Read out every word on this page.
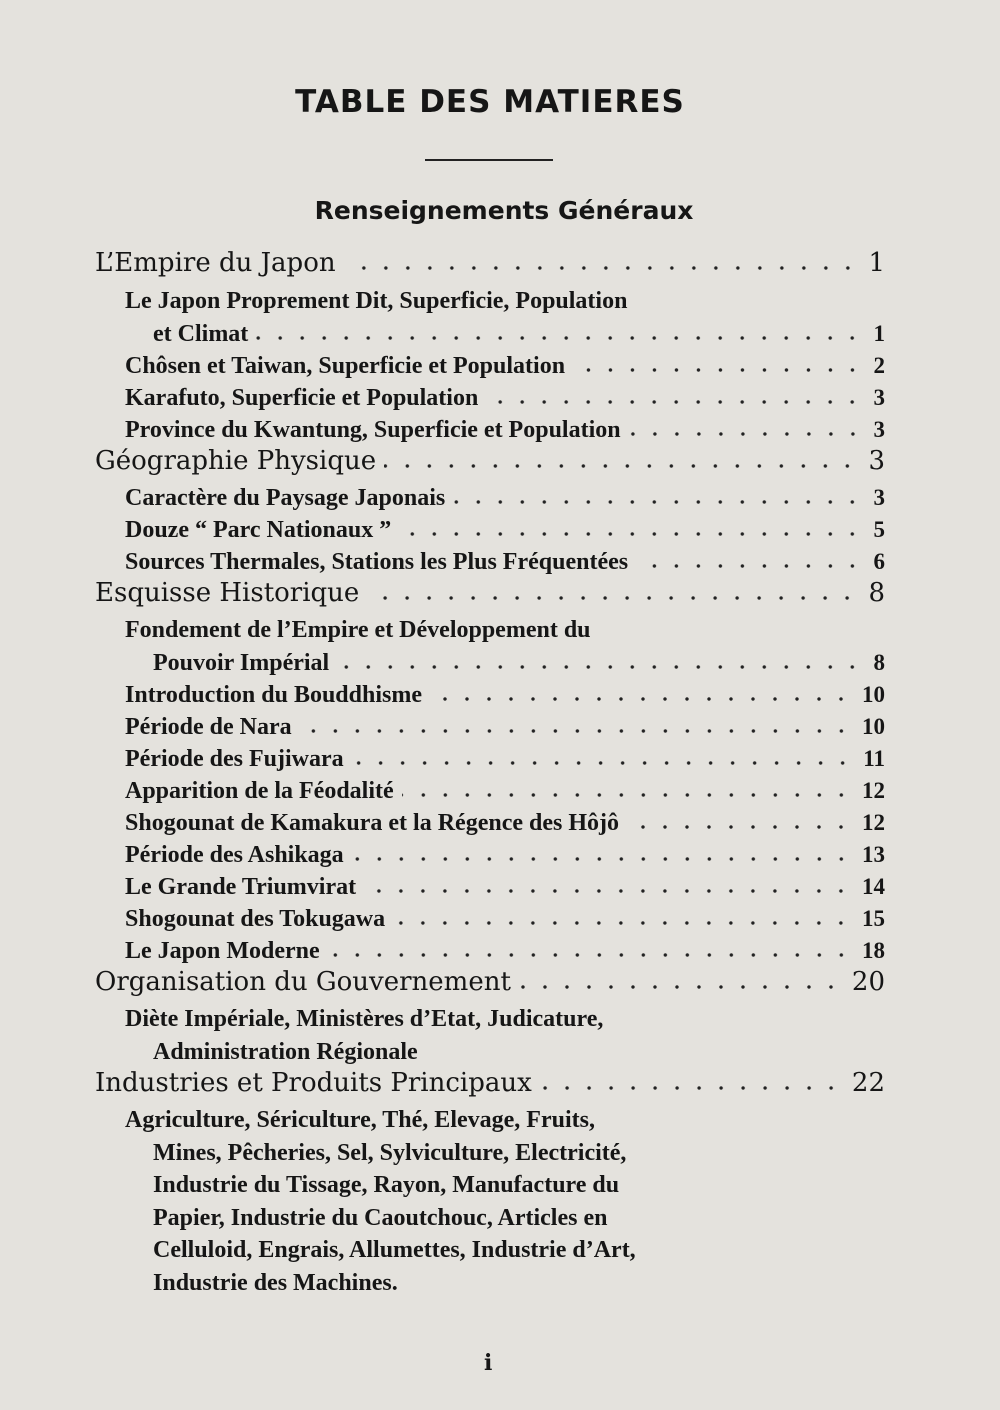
TABLE DES MATIERES
Renseignements Généraux
L’Empire du Japon	1
Le Japon Proprement Dit, Superficie, Population
et Climat	1
Chôsen et Taiwan, Superficie et Population	2
Karafuto, Superficie et Population	3
Province du Kwantung, Superficie et Population	3
Géographie Physique	3
Caractère du Paysage Japonais	3
Douze “ Parc Nationaux ”	5
Sources Thermales, Stations les Plus Fréquentées	6
Esquisse Historique	8
Fondement de l’Empire et Développement du
Pouvoir Impérial	8
Introduction du Bouddhisme	10
Période de Nara	10
Période des Fujiwara	11
Apparition de la Féodalité	12
Shogounat de Kamakura et la Régence des Hôjô	12
Période des Ashikaga	13
Le Grande Triumvirat	14
Shogounat des Tokugawa	15
Le Japon Moderne	18
Organisation du Gouvernement	20
Diète Impériale, Ministères d’Etat, Judicature,
Administration Régionale
Industries et Produits Principaux	22
Agriculture, Sériculture, Thé, Elevage, Fruits,
Mines, Pêcheries, Sel, Sylviculture, Electricité,
Industrie du Tissage, Rayon, Manufacture du
Papier, Industrie du Caoutchouc, Articles en
Celluloid, Engrais, Allumettes, Industrie d’Art,
Industrie des Machines.
i
